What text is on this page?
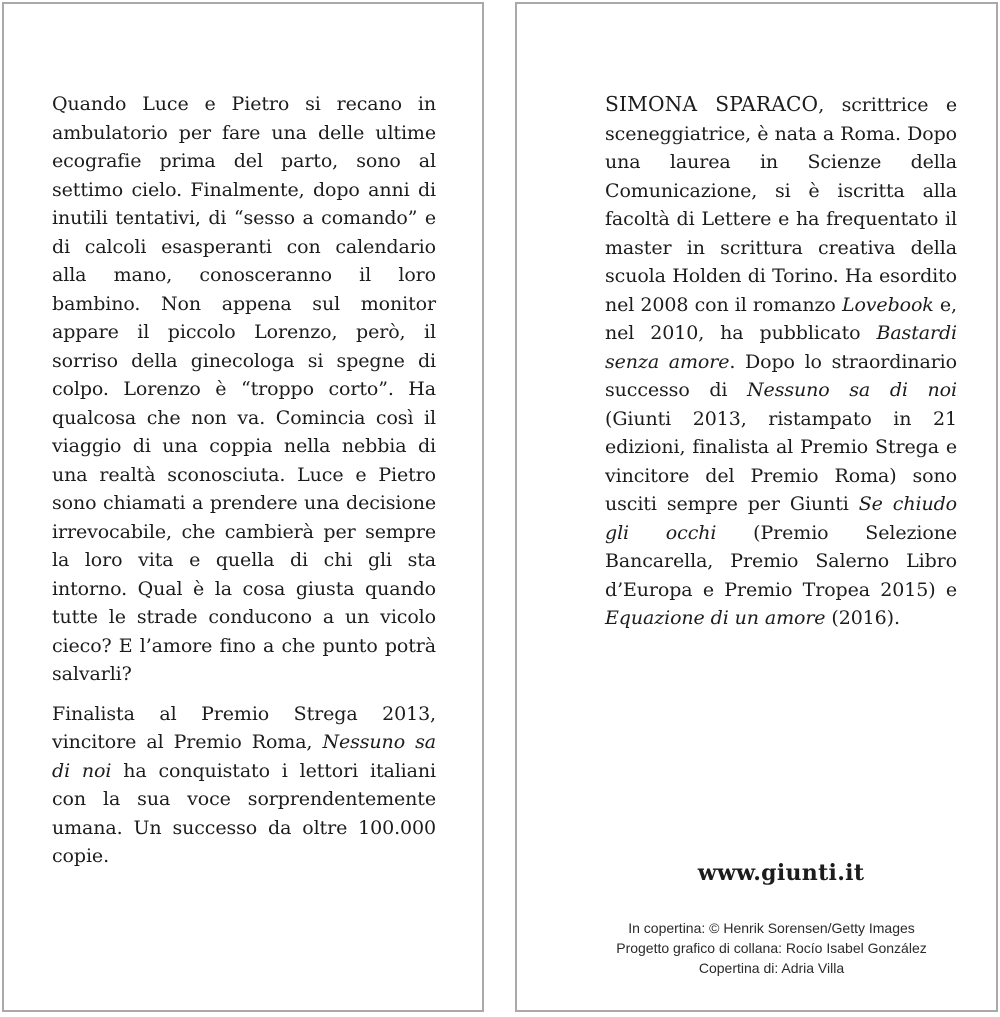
Quando Luce e Pietro si recano in ambulatorio per fare una delle ultime ecografie prima del parto, sono al settimo cielo. Finalmente, dopo anni di inutili tentativi, di “sesso a comando” e di calcoli esasperanti con calendario alla mano, conosceranno il loro bambino. Non appena sul monitor appare il piccolo Lorenzo, però, il sorriso della ginecologa si spegne di colpo. Lorenzo è “troppo corto”. Ha qualcosa che non va. Comincia così il viaggio di una coppia nella nebbia di una realtà sconosciuta. Luce e Pietro sono chiamati a prendere una decisione irrevocabile, che cambierà per sempre la loro vita e quella di chi gli sta intorno. Qual è la cosa giusta quando tutte le strade conducono a un vicolo cieco? E l’amore fino a che punto potrà salvarli?

Finalista al Premio Strega 2013, vincitore al Premio Roma, Nessuno sa di noi ha conquistato i lettori italiani con la sua voce sorprendentemente umana. Un successo da oltre 100.000 copie.

SIMONA SPARACO, scrittrice e sceneggiatrice, è nata a Roma. Dopo una laurea in Scienze della Comunicazione, si è iscritta alla facoltà di Lettere e ha frequentato il master in scrittura creativa della scuola Holden di Torino. Ha esordito nel 2008 con il romanzo Lovebook e, nel 2010, ha pubblicato Bastardi senza amore. Dopo lo straordinario successo di Nessuno sa di noi (Giunti 2013, ristampato in 21 edizioni, finalista al Premio Strega e vincitore del Premio Roma) sono usciti sempre per Giunti Se chiudo gli occhi (Premio Selezione Bancarella, Premio Salerno Libro d’Europa e Premio Tropea 2015) e Equazione di un amore (2016).

www.giunti.it
In copertina: © Henrik Sorensen/Getty Images
Progetto grafico di collana: Rocío Isabel González
Copertina di: Adria Villa
